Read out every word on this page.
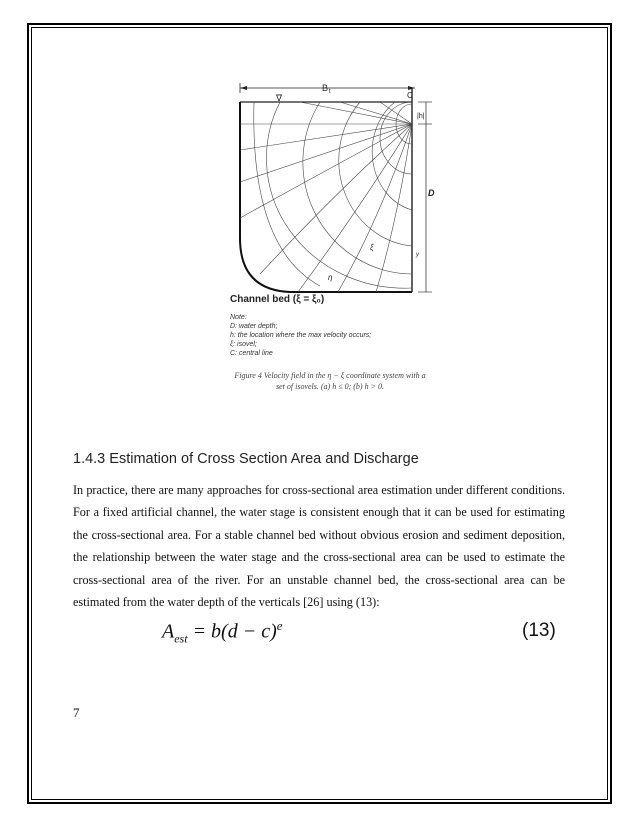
B t
∇	C
|h|
D
y
ξ
η
Channel bed (ξ = ξ₀)
Note:
D: water depth;
h: the location where the max velocity occurs;
ξ: isovel;
C: central line
Figure 4 Velocity field in the η − ξ coordinate system with a
set of isovels. (a) h ≤ 0; (b) h > 0.
1.4.3 Estimation of Cross Section Area and Discharge

In practice, there are many approaches for cross-sectional area estimation under different conditions. For a fixed artificial channel, the water stage is consistent enough that it can be used for estimating the cross-sectional area. For a stable channel bed without obvious erosion and sediment deposition, the relationship between the water stage and the cross-sectional area can be used to estimate the cross-sectional area of the river. For an unstable channel bed, the cross-sectional area can be estimated from the water depth of the verticals [26] using (13):

$A_{est} = b(d - c)^e$	(13)
7
